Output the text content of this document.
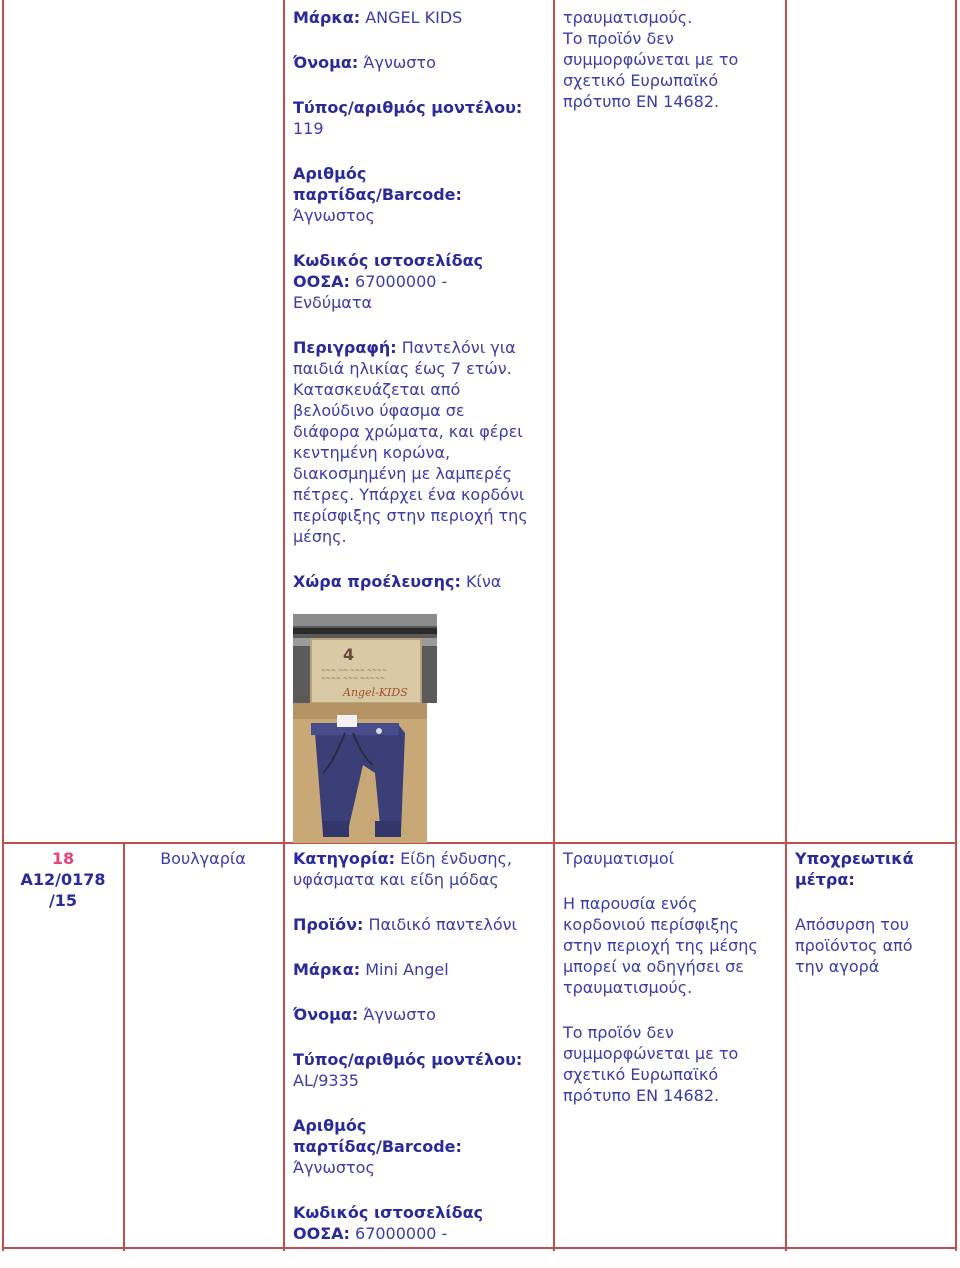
Μάρκα: ANGEL KIDS

Όνομα: Άγνωστο

Τύπος/αριθμός μοντέλου:
119

Αριθμός
παρτίδας/Barcode:
Άγνωστος

Κωδικός ιστοσελίδας
ΟΟΣΑ: 67000000 -
Ενδύματα

Περιγραφή: Παντελόνι για
παιδιά ηλικίας έως 7 ετών.
Κατασκευάζεται από
βελούδινο ύφασμα σε
διάφορα χρώματα, και φέρει
κεντημένη κορώνα,
διακοσμημένη με λαμπερές
πέτρες. Υπάρχει ένα κορδόνι
περίσφιξης στην περιοχή της
μέσης.

Χώρα προέλευσης: Κίνα

4
~~~ ~~ ~~~ ~~~~
~~~~ ~~~ ~~~~~
Angel-KIDS

τραυματισμούς.
Το προϊόν δεν
συμμορφώνεται με το
σχετικό Ευρωπαϊκό
πρότυπο EN 14682.

18
A12/0178
/15
Βουλγαρία	Κατηγορία: Είδη ένδυσης,
υφάσματα και είδη μόδας

Προϊόν: Παιδικό παντελόνι

Μάρκα: Mini Angel

Όνομα: Άγνωστο

Τύπος/αριθμός μοντέλου:
AL/9335

Αριθμός
παρτίδας/Barcode:
Άγνωστος

Κωδικός ιστοσελίδας
ΟΟΣΑ: 67000000 -

Τραυματισμοί

Η παρουσία ενός
κορδονιού περίσφιξης
στην περιοχή της μέσης
μπορεί να οδηγήσει σε
τραυματισμούς.

Το προϊόν δεν
συμμορφώνεται με το
σχετικό Ευρωπαϊκό
πρότυπο EN 14682.

Υποχρεωτικά
μέτρα:

Απόσυρση του
προϊόντος από
την αγορά
